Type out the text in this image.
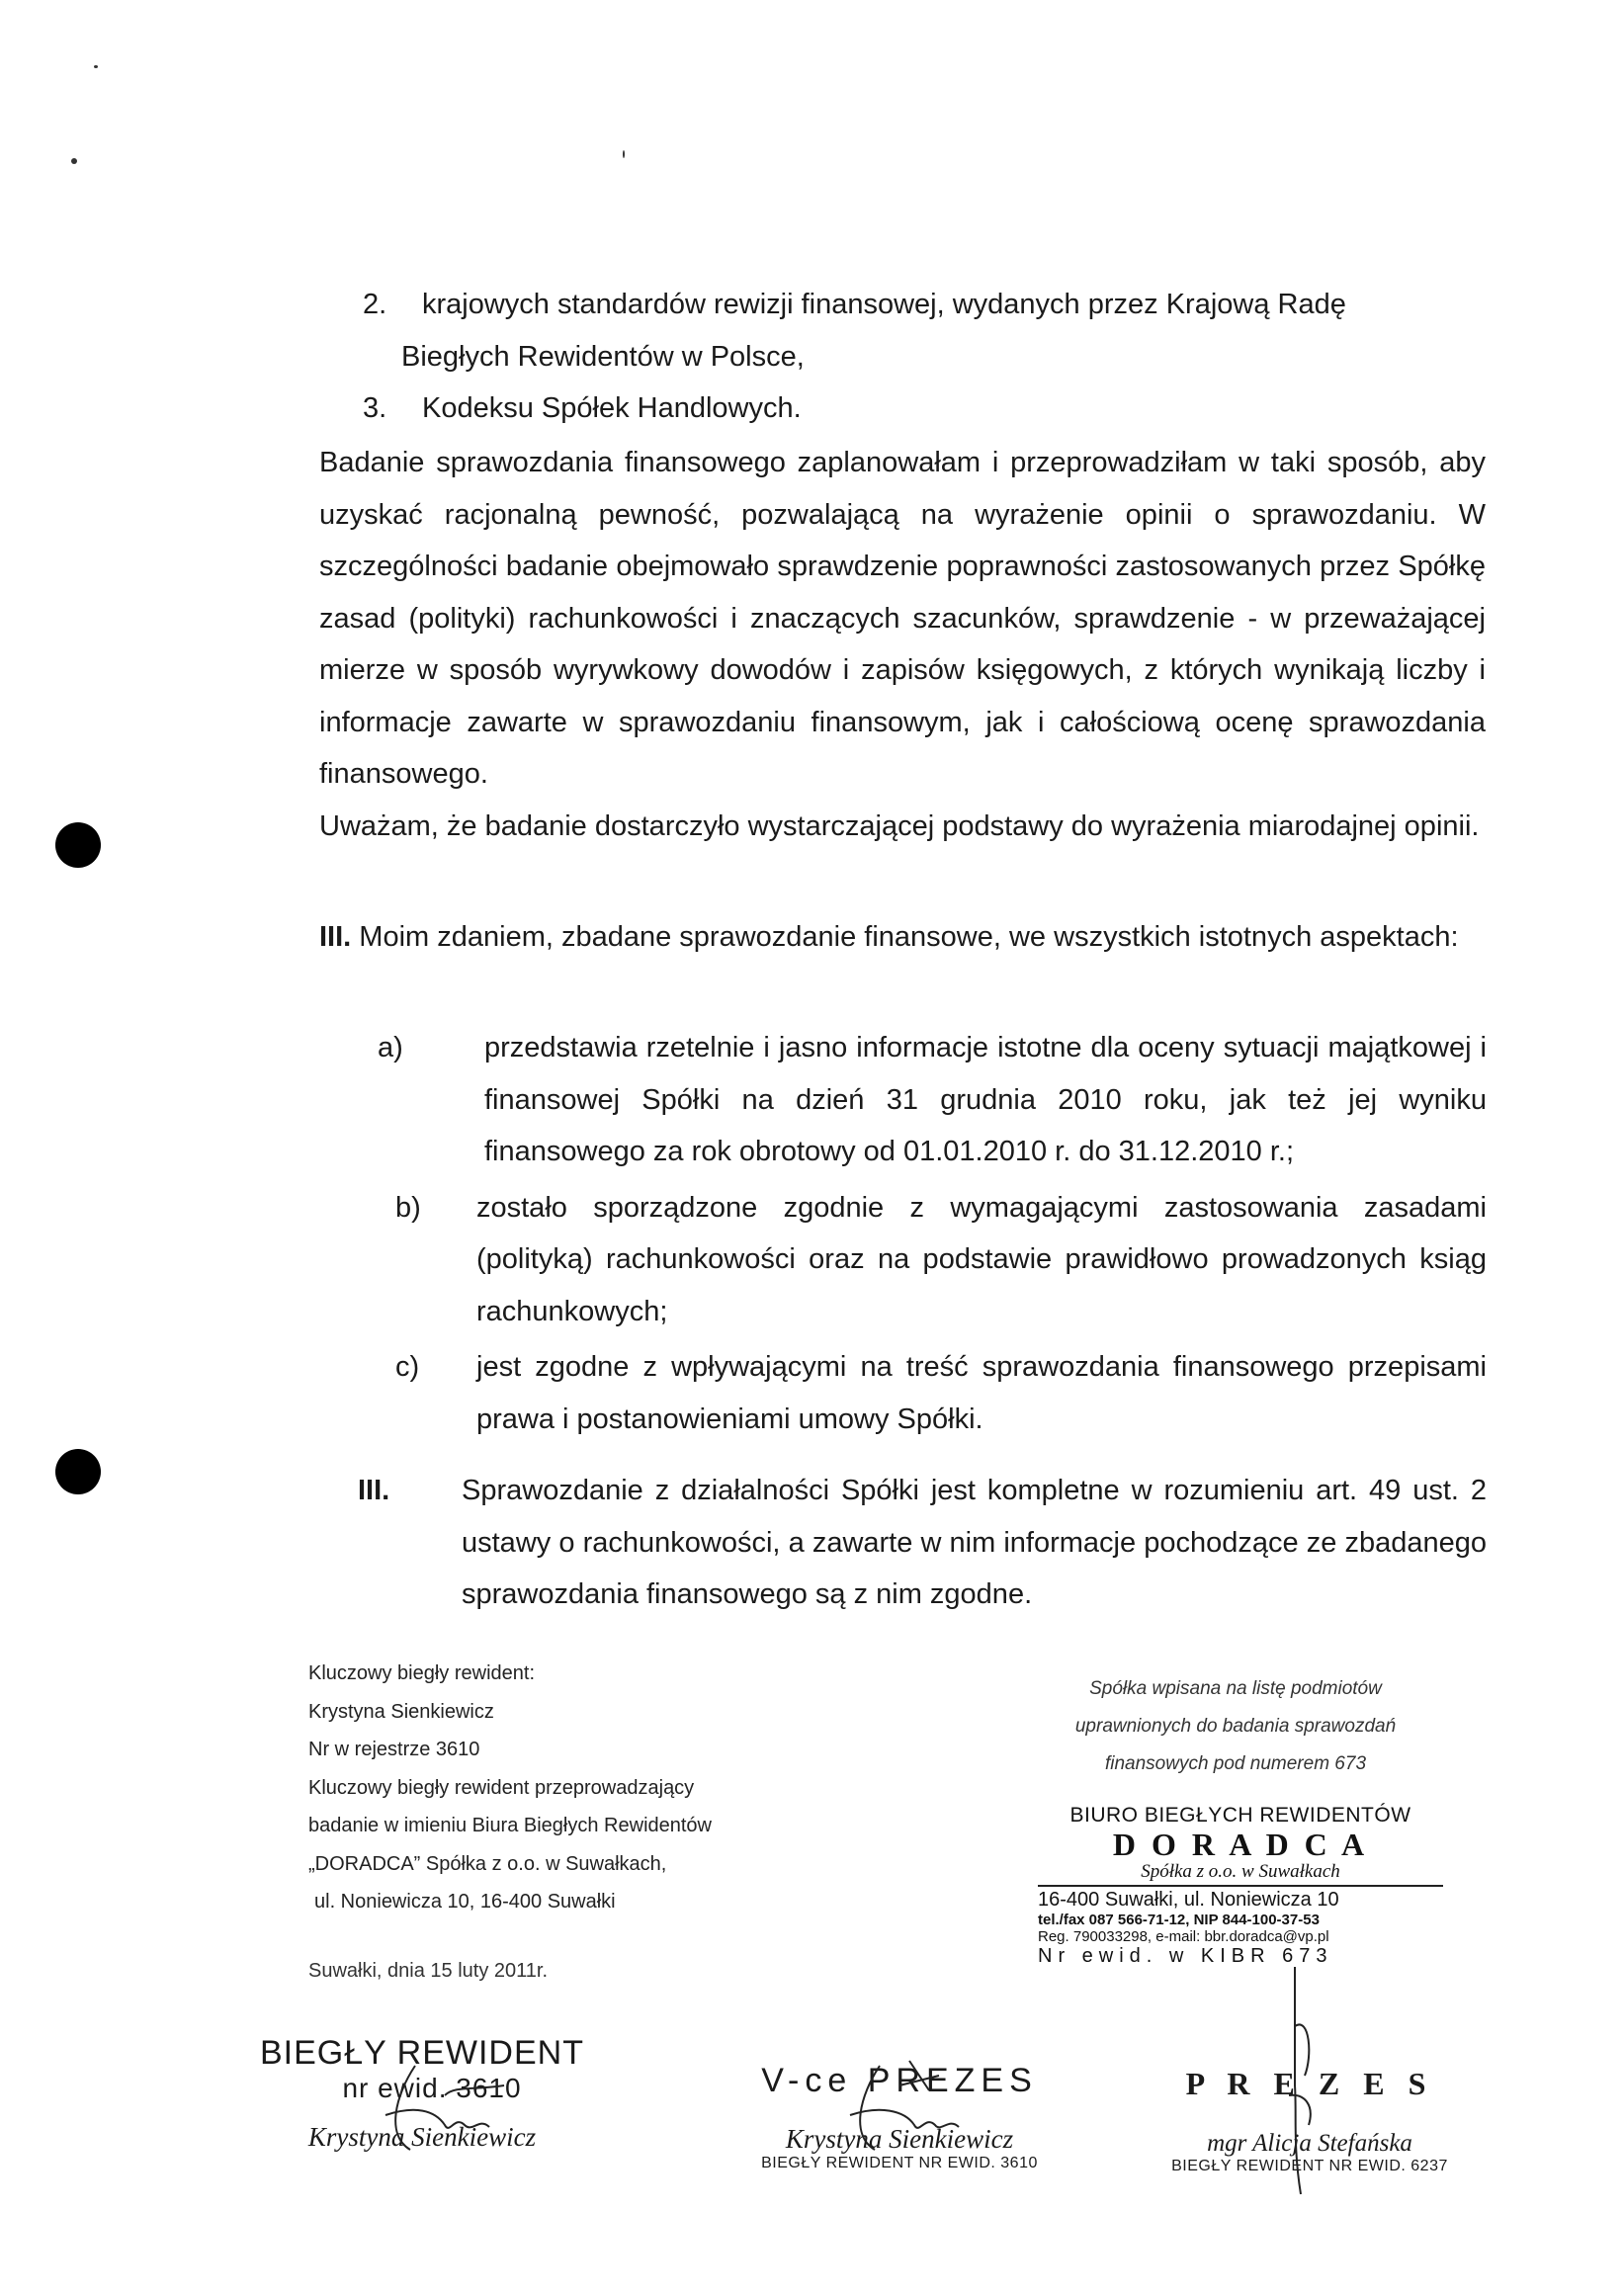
2.	krajowych standardów rewizji finansowej, wydanych przez Krajową Radę
Biegłych Rewidentów w Polsce,
3.	Kodeksu Spółek Handlowych.

Badanie sprawozdania finansowego zaplanowałam i przeprowadziłam w taki sposób, aby uzyskać racjonalną pewność, pozwalającą na wyrażenie opinii o sprawozdaniu. W szczególności badanie obejmowało sprawdzenie poprawności zastosowanych przez Spółkę zasad (polityki) rachunkowości i znaczących szacunków, sprawdzenie - w przeważającej mierze w sposób wyrywkowy dowodów i zapisów księgowych, z których wynikają liczby i informacje zawarte w sprawozdaniu finansowym, jak i całościową ocenę sprawozdania finansowego.

Uważam, że badanie dostarczyło wystarczającej podstawy do wyrażenia miarodajnej opinii.

III. Moim zdaniem, zbadane sprawozdanie finansowe, we wszystkich istotnych aspektach:

a)	przedstawia rzetelnie i jasno informacje istotne dla oceny sytuacji majątkowej i finansowej Spółki na dzień 31 grudnia 2010 roku, jak też jej wyniku finansowego za rok obrotowy od 01.01.2010 r. do 31.12.2010 r.;

b)	zostało sporządzone zgodnie z wymagającymi zastosowania zasadami (polityką) rachunkowości oraz na podstawie prawidłowo prowadzonych ksiąg rachunkowych;

c)	jest zgodne z wpływającymi na treść sprawozdania finansowego przepisami prawa i postanowieniami umowy Spółki.

III.	Sprawozdanie z działalności Spółki jest kompletne w rozumieniu art. 49 ust. 2 ustawy o rachunkowości, a zawarte w nim informacje pochodzące ze zbadanego sprawozdania finansowego są z nim zgodne.

Kluczowy biegły rewident:
Krystyna Sienkiewicz
Nr w rejestrze 3610
Kluczowy biegły rewident przeprowadzający
badanie w imieniu Biura Biegłych Rewidentów
„DORADCA” Spółka z o.o. w Suwałkach,
ul. Noniewicza 10, 16-400 Suwałki
Spółka wpisana na listę podmiotów
uprawnionych do badania sprawozdań
finansowych pod numerem 673
BIURO BIEGŁYCH REWIDENTÓW
D O R A D C A
Spółka z o.o. w Suwałkach
16-400 Suwałki, ul. Noniewicza 10
tel./fax 087 566-71-12, NIP 844-100-37-53
Reg. 790033298, e-mail: bbr.doradca@vp.pl
Nr ewid. w KIBR 673
Suwałki, dnia 15 luty 2011r.
BIEGŁY REWIDENT
nr ewid. 3610
Krystyna Sienkiewicz
V-ce PREZES
Krystyna Sienkiewicz
BIEGŁY REWIDENT NR EWID. 3610
P R E Z E S
mgr Alicja Stefańska
BIEGŁY REWIDENT NR EWID. 6237
